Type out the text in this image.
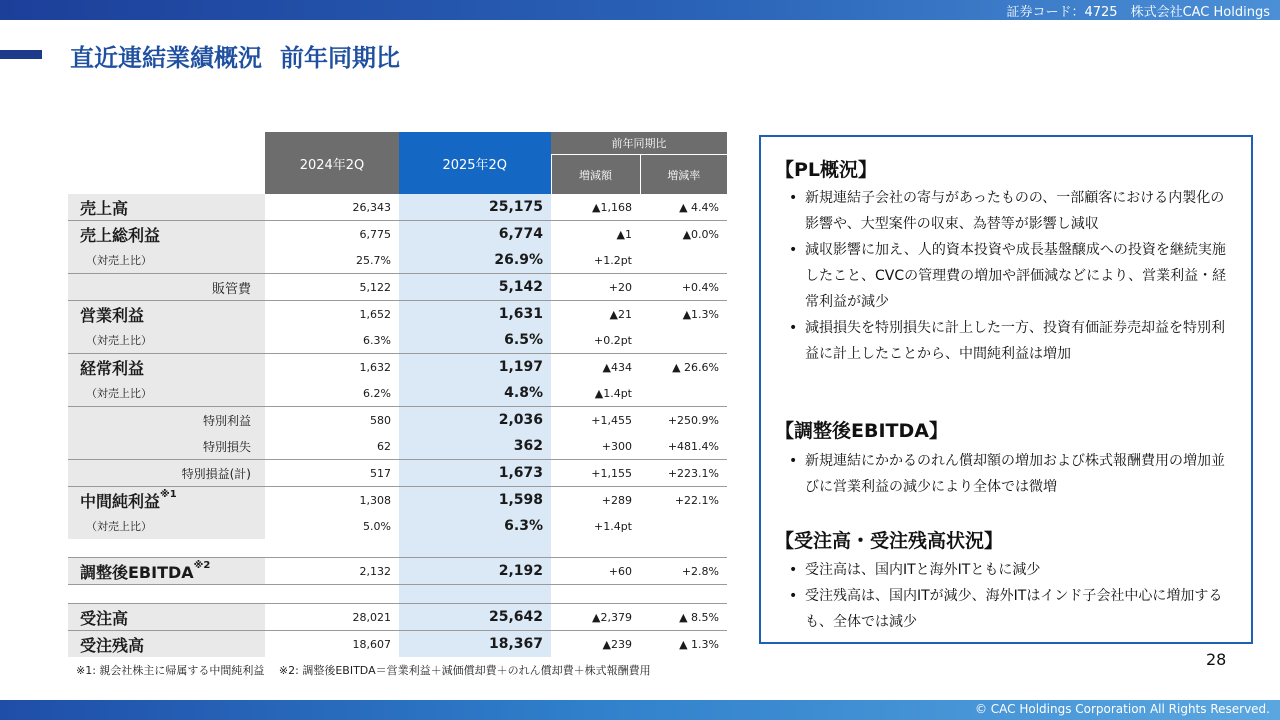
証券コード：4725　株式会社CAC Holdings
直近連結業績概況 前年同期比
	2024年2Q	2025年2Q	前年同期比	
			増減額	増減率
売上高	26,343	25,175	▲1,168	▲ 4.4%
売上総利益	6,775	6,774	▲1	▲0.0%
（対売上比）	25.7%	26.9%	+1.2pt	
販管費	5,122	5,142	+20	+0.4%
営業利益	1,652	1,631	▲21	▲1.3%
（対売上比）	6.3%	6.5%	+0.2pt	
経常利益	1,632	1,197	▲434	▲ 26.6%
（対売上比）	6.2%	4.8%	▲1.4pt	
特別利益	580	2,036	+1,455	+250.9%
特別損失	62	362	+300	+481.4%
特別損益(計)	517	1,673	+1,155	+223.1%
中間純利益$^{※1}$	1,308	1,598	+289	+22.1%
（対売上比）	5.0%	6.3%	+1.4pt	

調整後EBITDA$^{※2}$	2,132	2,192	+60	+2.8%

受注高	28,021	25,642	▲2,379	▲ 8.5%
受注残高	18,607	18,367	▲239	▲ 1.3%
※1: 親会社株主に帰属する中間純利益　 ※2: 調整後EBITDA＝営業利益＋減価償却費＋のれん償却費＋株式報酬費用
【PL概況】
• 新規連結子会社の寄与があったものの、一部顧客における内製化の影響や、大型案件の収束、為替等が影響し減収
• 減収影響に加え、人的資本投資や成長基盤醸成への投資を継続実施したこと、CVCの管理費の増加や評価減などにより、営業利益・経常利益が減少
• 減損損失を特別損失に計上した一方、投資有価証券売却益を特別利益に計上したことから、中間純利益は増加
【調整後EBITDA】
• 新規連結にかかるのれん償却額の増加および株式報酬費用の増加並びに営業利益の減少により全体では微増
【受注高・受注残高状況】
• 受注高は、国内ITと海外ITともに減少
• 受注残高は、国内ITが減少、海外ITはインド子会社中心に増加するも、全体では減少
28
© CAC Holdings Corporation All Rights Reserved.
